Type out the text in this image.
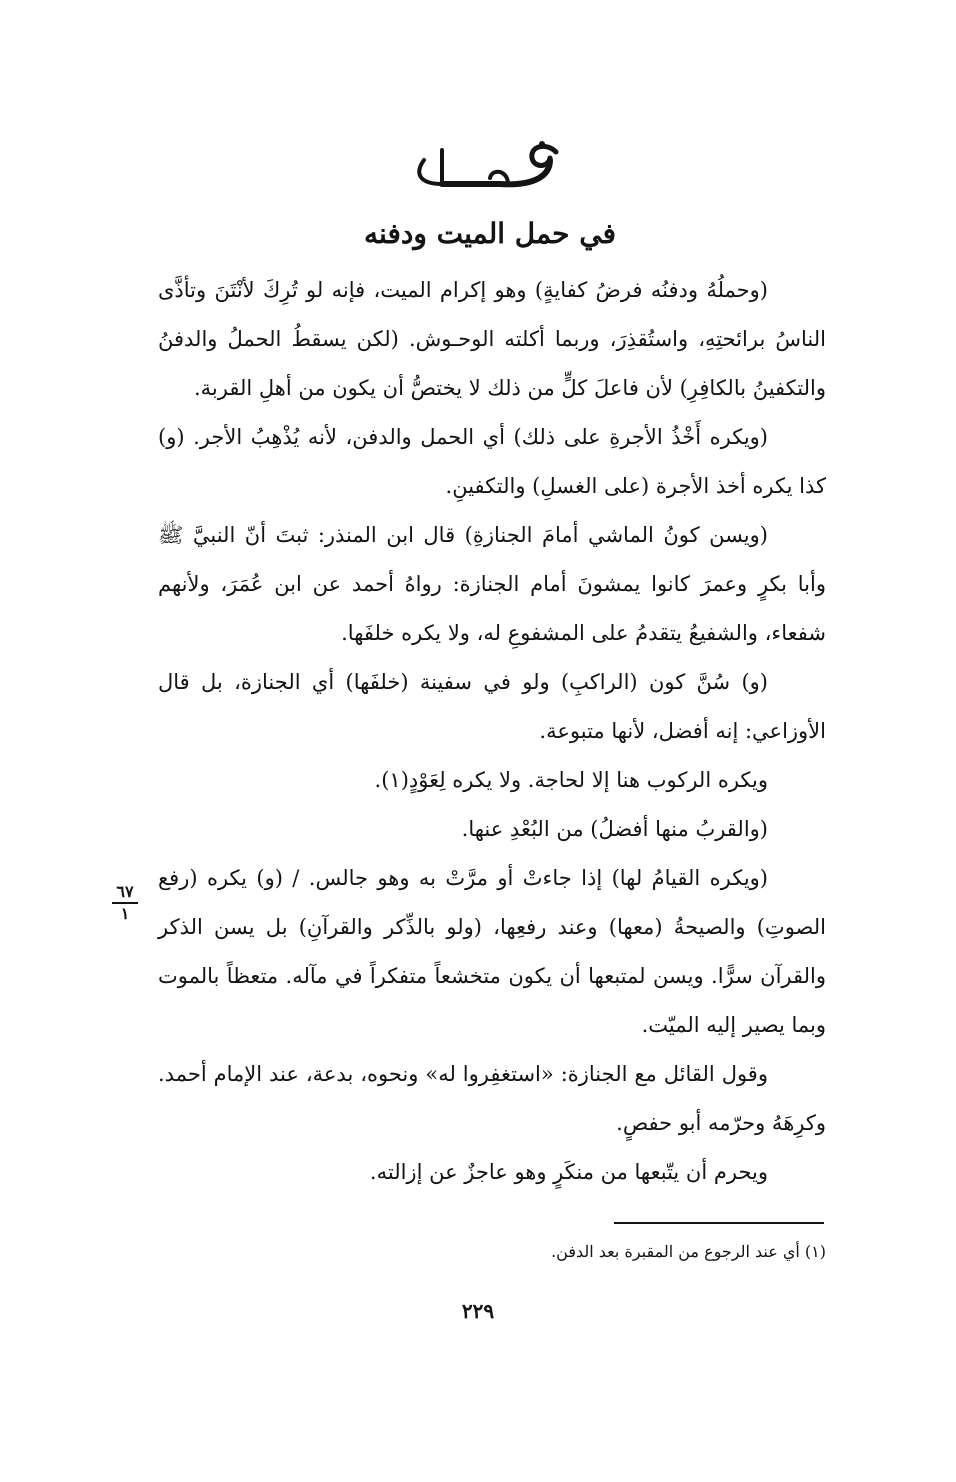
في حمل الميت ودفنه

(وحملُهُ ودفنُه فرضُ كفايةٍ) وهو إكرام الميت، فإنه لو تُرِكَ لأنْتَنَ وتأذَّى الناسُ برائحتِهِ، واستُقذِرَ، وربما أكلته الوحـوش. (لكن يسقطُ الحملُ والدفنُ والتكفينُ بالكافِرِ) لأن فاعلَ كلٍّ من ذلك لا يختصُّ أن يكون من أهلِ القربة.

(ويكره أَخْذُ الأجرةِ على ذلك) أي الحمل والدفن، لأنه يُذْهِبُ الأجر. (و) كذا يكره أخذ الأجرة (على الغسلِ) والتكفينِ.

(ويسن كونُ الماشي أمامَ الجنازةِ) قال ابن المنذر: ثبتَ أنّ النبيَّ ﷺ وأبا بكرٍ وعمرَ كانوا يمشونَ أمام الجنازة: رواهُ أحمد عن ابن عُمَرَ، ولأنهم شفعاء، والشفيعُ يتقدمُ على المشفوعِ له، ولا يكره خلفَها.

(و) سُنَّ كون (الراكبِ) ولو في سفينة (خلفَها) أي الجنازة، بل قال الأوزاعي: إنه أفضل، لأنها متبوعة.

ويكره الركوب هنا إلا لحاجة. ولا يكره لِعَوْدٍ(١).

(والقربُ منها أفضلُ) من البُعْدِ عنها.

(ويكره القيامُ لها) إذا جاءتْ أو مرَّتْ به وهو جالس. / (و) يكره (رفع الصوتِ) والصيحةُ (معها) وعند رفعِها، (ولو بالذِّكر والقرآنِ) بل يسن الذكر والقرآن سرًّا. ويسن لمتبعها أن يكون متخشعاً متفكراً في مآله. متعظاً بالموت وبما يصير إليه الميّت.

وقول القائل مع الجنازة: «استغفِروا له» ونحوه، بدعة، عند الإمام أحمد. وكرِهَهُ وحرّمه أبو حفصٍ.

ويحرم أن يتّبعها من منكَرٍ وهو عاجزٌ عن إزالته.

٦٧
١
(١) أي عند الرجوع من المقبرة بعد الدفن.
٢٢٩
